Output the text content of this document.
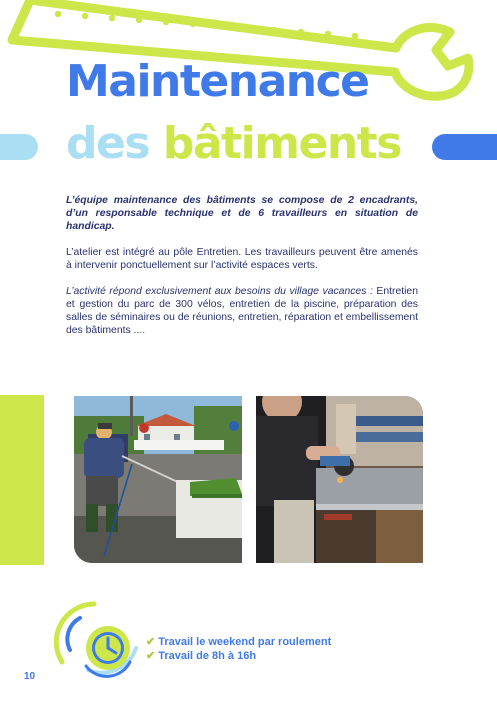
Maintenance
des bâtiments

L’équipe maintenance des bâtiments se compose de 2 encadrants, d’un responsable technique et de 6 travailleurs en situation de handicap.

L’atelier est intégré au pôle Entretien. Les travailleurs peuvent être amenés à intervenir ponctuellement sur l’activité espaces verts.

L’activité répond exclusivement aux besoins du village vacances : Entretien et gestion du parc de 300 vélos, entretien de la piscine, préparation des salles de séminaires ou de réunions, entretien, réparation et embellissement des bâtiments ....

✔ Travail le weekend par roulement
✔ Travail de 8h à 16h
10
